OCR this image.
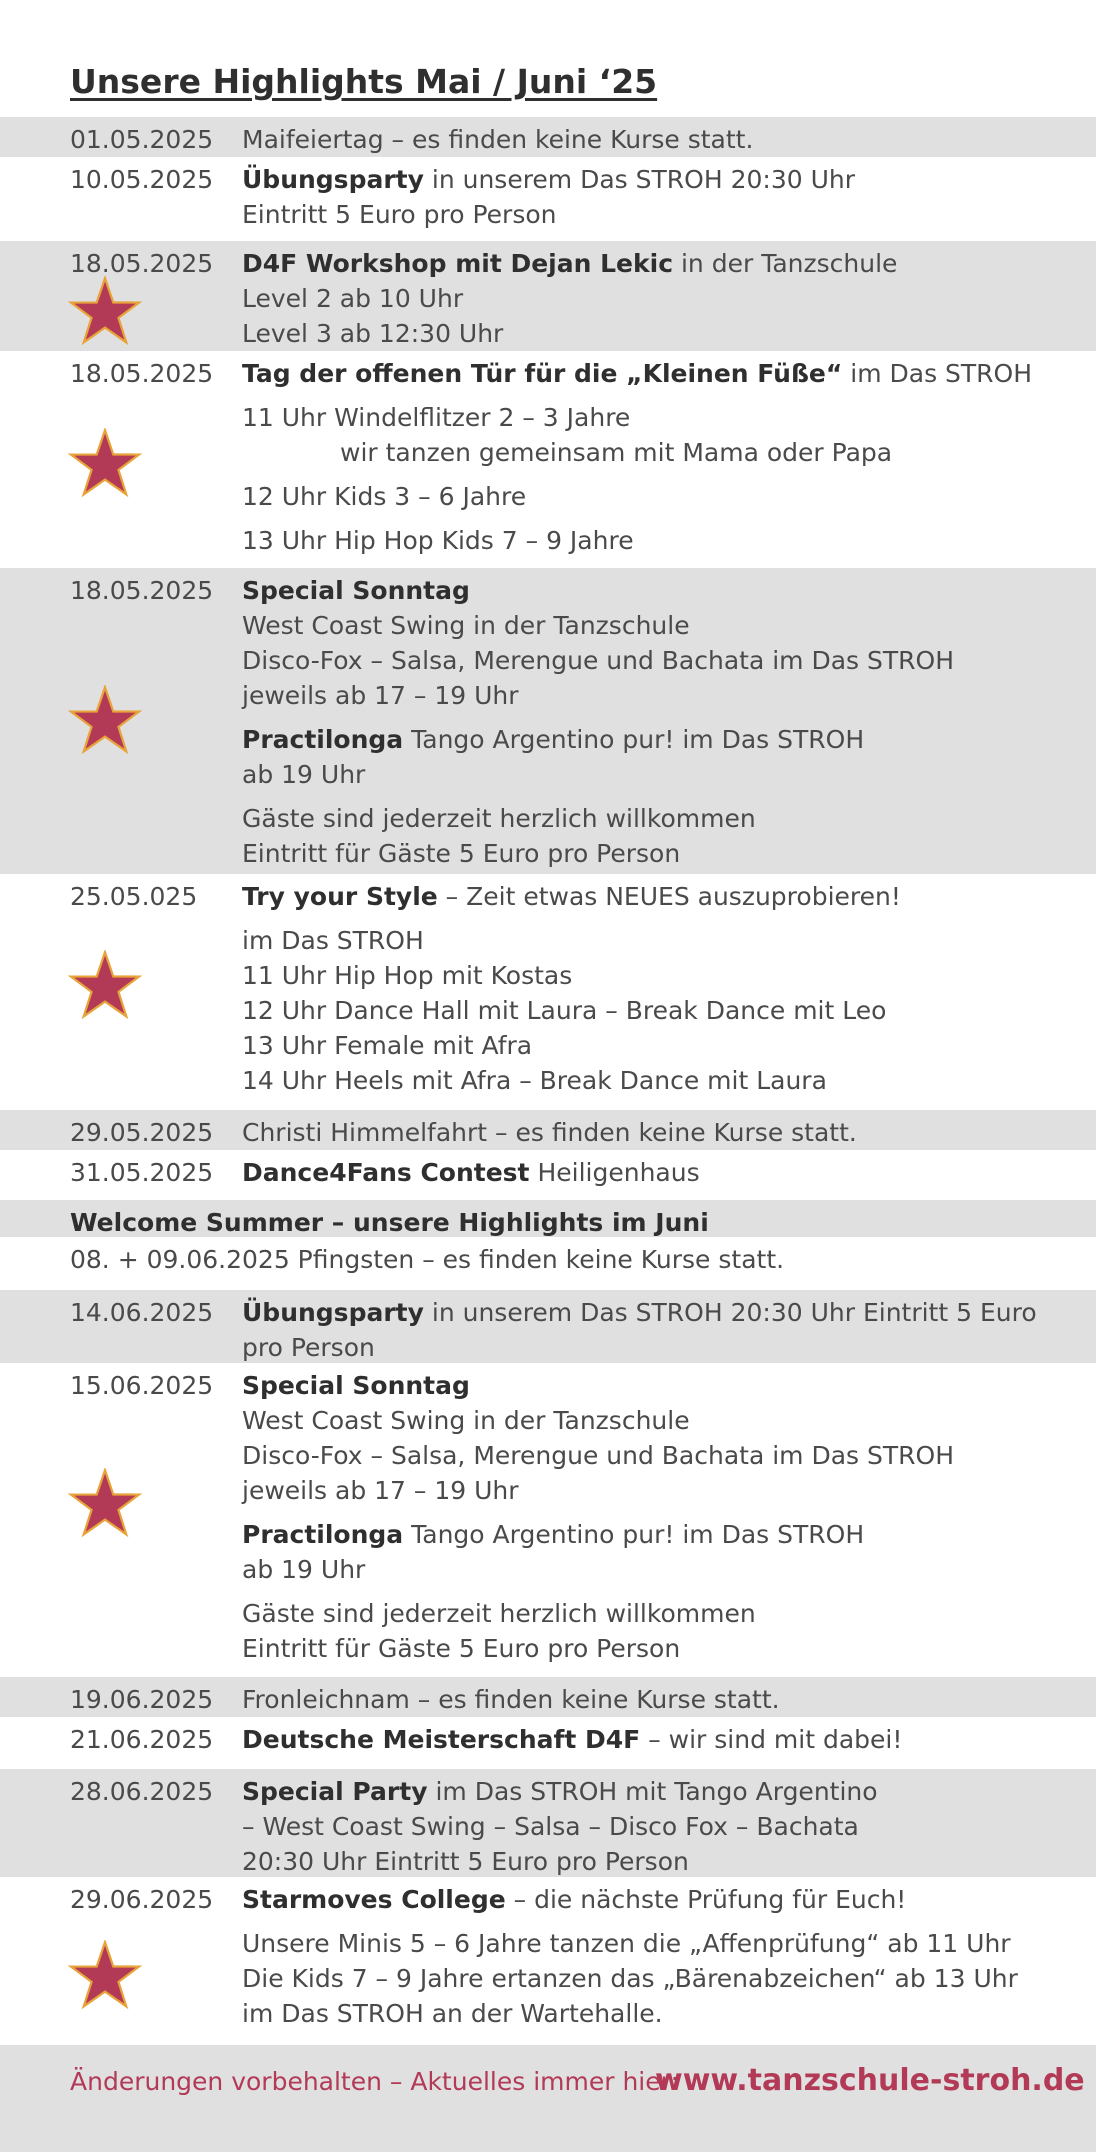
Unsere Highlights Mai / Juni ‘25
01.05.2025 Maifeiertag – es finden keine Kurse statt.
10.05.2025 Übungsparty in unserem Das STROH 20:30 Uhr
Eintritt 5 Euro pro Person
18.05.2025 D4F Workshop mit Dejan Lekic in der Tanzschule
Level 2 ab 10 Uhr
Level 3 ab 12:30 Uhr
18.05.2025 Tag der offenen Tür für die „Kleinen Füße“ im Das STROH
11 Uhr Windelflitzer 2 – 3 Jahre
wir tanzen gemeinsam mit Mama oder Papa
12 Uhr Kids 3 – 6 Jahre
13 Uhr Hip Hop Kids 7 – 9 Jahre
18.05.2025 Special Sonntag
West Coast Swing in der Tanzschule
Disco-Fox – Salsa, Merengue und Bachata im Das STROH
jeweils ab 17 – 19 Uhr
Practilonga Tango Argentino pur! im Das STROH
ab 19 Uhr
Gäste sind jederzeit herzlich willkommen
Eintritt für Gäste 5 Euro pro Person
25.05.025 Try your Style – Zeit etwas NEUES auszuprobieren!
im Das STROH
11 Uhr Hip Hop mit Kostas
12 Uhr Dance Hall mit Laura – Break Dance mit Leo
13 Uhr Female mit Afra
14 Uhr Heels mit Afra – Break Dance mit Laura
29.05.2025 Christi Himmelfahrt – es finden keine Kurse statt.
31.05.2025 Dance4Fans Contest Heiligenhaus
Welcome Summer – unsere Highlights im Juni
08. + 09.06.2025 Pfingsten – es finden keine Kurse statt.
14.06.2025 Übungsparty in unserem Das STROH 20:30 Uhr Eintritt 5 Euro
pro Person
15.06.2025 Special Sonntag
West Coast Swing in der Tanzschule
Disco-Fox – Salsa, Merengue und Bachata im Das STROH
jeweils ab 17 – 19 Uhr
Practilonga Tango Argentino pur! im Das STROH
ab 19 Uhr
Gäste sind jederzeit herzlich willkommen
Eintritt für Gäste 5 Euro pro Person
19.06.2025 Fronleichnam – es finden keine Kurse statt.
21.06.2025 Deutsche Meisterschaft D4F – wir sind mit dabei!
28.06.2025 Special Party im Das STROH mit Tango Argentino
– West Coast Swing – Salsa – Disco Fox – Bachata
20:30 Uhr Eintritt 5 Euro pro Person
29.06.2025 Starmoves College – die nächste Prüfung für Euch!
Unsere Minis 5 – 6 Jahre tanzen die „Affenprüfung“ ab 11 Uhr
Die Kids 7 – 9 Jahre ertanzen das „Bärenabzeichen“ ab 13 Uhr
im Das STROH an der Wartehalle.
Änderungen vorbehalten – Aktuelles immer hier:
www.tanzschule-stroh.de
